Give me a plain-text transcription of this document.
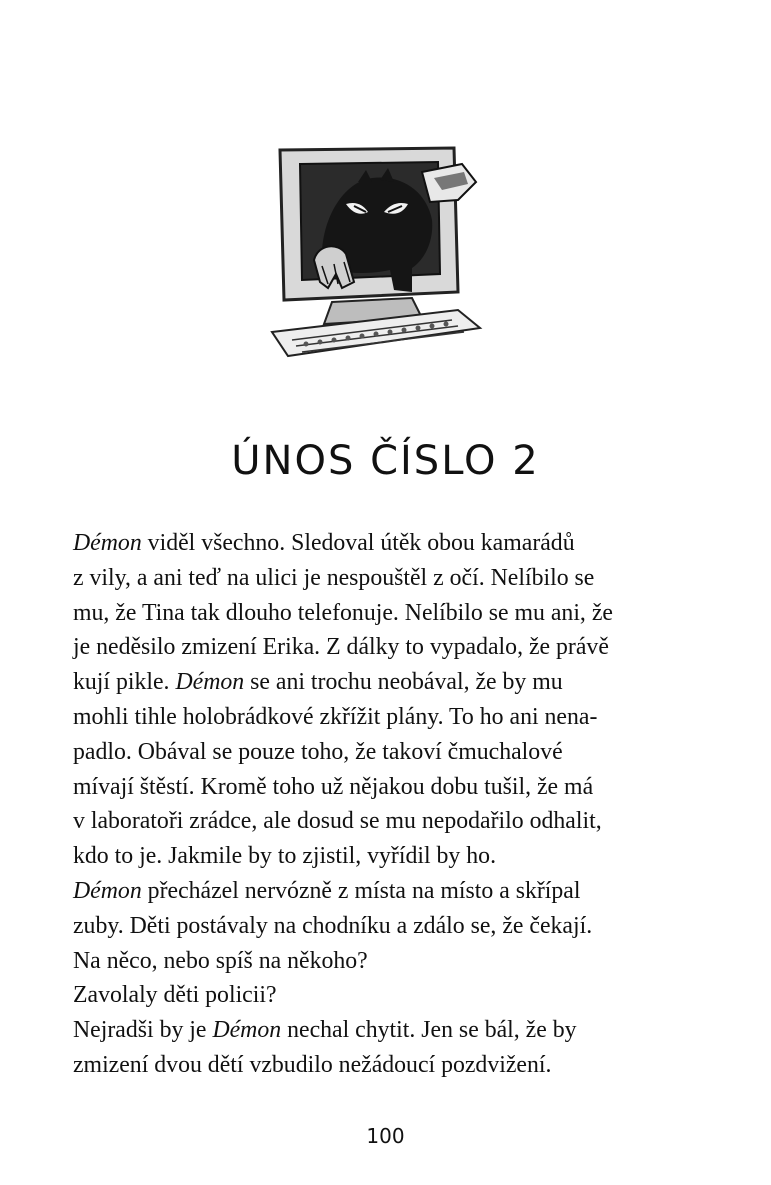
ÚNOS ČÍSLO 2
Démon viděl všechno. Sledoval útěk obou kamarádů
z vily, a ani teď na ulici je nespouštěl z očí. Nelíbilo se
mu, že Tina tak dlouho telefonuje. Nelíbilo se mu ani, že
je neděsilo zmizení Erika. Z dálky to vypadalo, že právě
kují pikle. Démon se ani trochu neobával, že by mu
mohli tihle holobrádkové zkřížit plány. To ho ani nena-
padlo. Obával se pouze toho, že takoví čmuchalové
mívají štěstí. Kromě toho už nějakou dobu tušil, že má
v laboratoři zrádce, ale dosud se mu nepodařilo odhalit,
kdo to je. Jakmile by to zjistil, vyřídil by ho.
Démon přecházel nervózně z místa na místo a skřípal
zuby. Děti postávaly na chodníku a zdálo se, že čekají.
Na něco, nebo spíš na někoho?
Zavolaly děti policii?
Nejradši by je Démon nechal chytit. Jen se bál, že by
zmizení dvou dětí vzbudilo nežádoucí pozdvižení.
100
